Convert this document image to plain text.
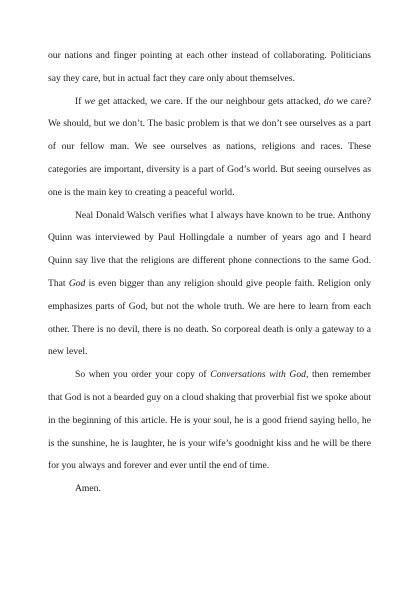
our nations and finger pointing at each other instead of collaborating. Politicians say they care, but in actual fact they care only about themselves.

If we get attacked, we care. If the our neighbour gets attacked, do we care? We should, but we don’t. The basic problem is that we don’t see ourselves as a part of our fellow man. We see ourselves as nations, religions and races. These categories are important, diversity is a part of God’s world. But seeing ourselves as one is the main key to creating a peaceful world.

Neal Donald Walsch verifies what I always have known to be true. Anthony Quinn was interviewed by Paul Hollingdale a number of years ago and I heard Quinn say live that the religions are different phone connections to the same God. That God is even bigger than any religion should give people faith. Religion only emphasizes parts of God, but not the whole truth. We are here to learn from each other. There is no devil, there is no death. So corporeal death is only a gateway to a new level.

So when you order your copy of Conversations with God, then remember that God is not a bearded guy on a cloud shaking that proverbial fist we spoke about in the beginning of this article. He is your soul, he is a good friend saying hello, he is the sunshine, he is laughter, he is your wife’s goodnight kiss and he will be there for you always and forever and ever until the end of time.

Amen.
